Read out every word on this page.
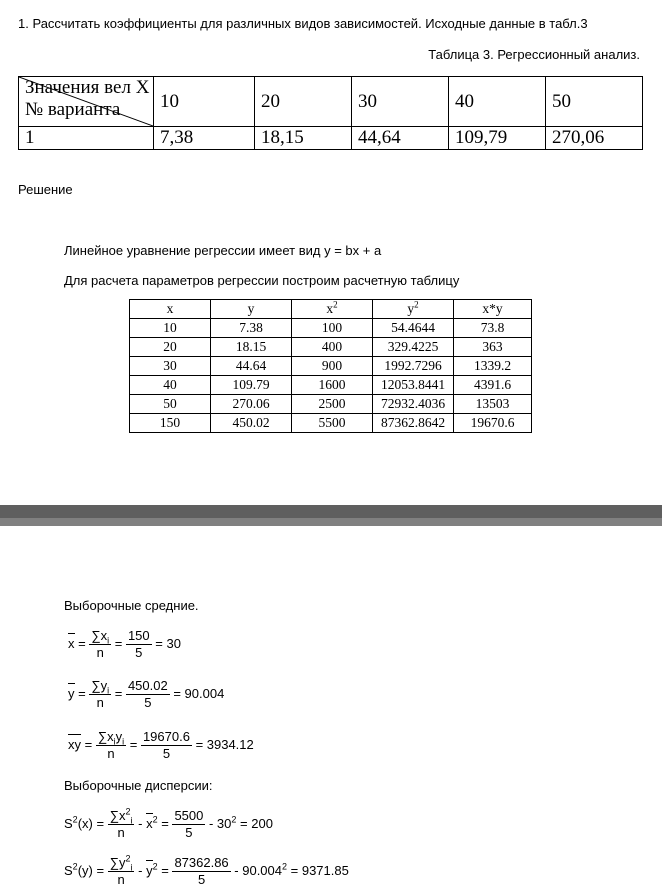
1. Рассчитать коэффициенты для различных видов зависимостей. Исходные данные в табл.3
Таблица 3. Регрессионный анализ.
Значения вел X
№ варианта	10	20	30	40	50
1	7,38	18,15	44,64	109,79	270,06
Решение
Линейное уравнение регрессии имеет вид y = bx + a
Для расчета параметров регрессии построим расчетную таблицу
x	y	$x^2$	$y^2$	x*y
10	7.38	100	54.4644	73.8
20	18.15	400	329.4225	363
30	44.64	900	1992.7296	1339.2
40	109.79	1600	12053.8441	4391.6
50	270.06	2500	72932.4036	13503
150	450.02	5500	87362.8642	19670.6
Выборочные средние.
$x = \frac{\sum x_i}{n} = \frac{150}{5} = 30$
$y = \frac{\sum y_i}{n} = \frac{450.02}{5} = 90.004$
xy = $\frac{\sum x_iy_i}{n} = \frac{19670.6}{5} = 3934.12$
Выборочные дисперсии:
$S^2(x) = \frac{\sum x^2_i}{n} - x^2 = \frac{5500}{5} - 30^2 = 200$
$S^2(y) = \frac{\sum y^2_i}{n} - y^2 = \frac{87362.86}{5} - 90.004^2 = 9371.85$
